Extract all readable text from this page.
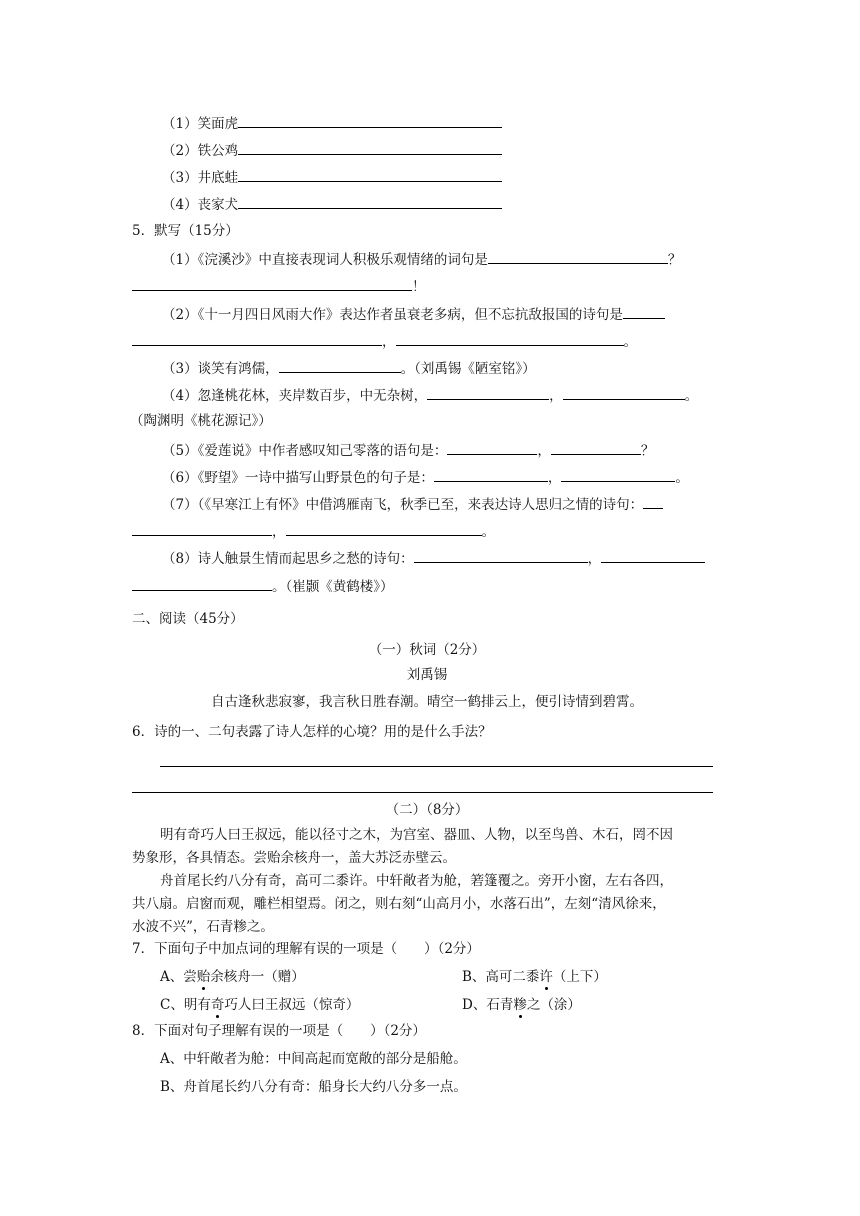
（1）笑面虎
（2）铁公鸡
（3）井底蛙
（4）丧家犬
5．默写（15分）
（1）《浣溪沙》中直接表现词人积极乐观情绪的词句是	？
！
（2）《十一月四日风雨大作》表达作者虽衰老多病，但不忘抗敌报国的诗句是
，	。
（3）谈笑有鸿儒，	。（刘禹锡《陋室铭》）
（4）忽逢桃花林，夹岸数百步，中无杂树，	，	。
（陶渊明《桃花源记》）
（5）《爱莲说》中作者感叹知己零落的语句是：	，	？
（6）《野望》一诗中描写山野景色的句子是：	，	。
（7）（《早寒江上有怀》中借鸿雁南飞，秋季已至，来表达诗人思归之情的诗句：
，	。
（8）诗人触景生情而起思乡之愁的诗句：	，
。（崔颢《黄鹤楼》）
二、阅读（45分）
（一）秋词（2分）
刘禹锡
自古逢秋悲寂寥，我言秋日胜春潮。晴空一鹤排云上，便引诗情到碧霄。
6．诗的一、二句表露了诗人怎样的心境？用的是什么手法？
（二）（8分）
明有奇巧人曰王叔远，能以径寸之木，为宫室、器皿、人物，以至鸟兽、木石，罔不因
势象形，各具情态。尝贻余核舟一，盖大苏泛赤壁云。
舟首尾长约八分有奇，高可二黍许。中轩敞者为舱，箬篷覆之。旁开小窗，左右各四，
共八扇。启窗而观，雕栏相望焉。闭之，则右刻“山高月小，水落石出”，左刻“清风徐来，
水波不兴”，石青糁之。
7．下面句子中加点词的理解有误的一项是（　　）（2分）
A、尝贻余核舟一（赠）	B、高可二黍许（上下）
C、明有奇巧人曰王叔远（惊奇）	D、石青糁之（涂）
8．下面对句子理解有误的一项是（　　）（2分）
A、中轩敞者为舱：中间高起而宽敞的部分是船舱。
B、舟首尾长约八分有奇：船身长大约八分多一点。
